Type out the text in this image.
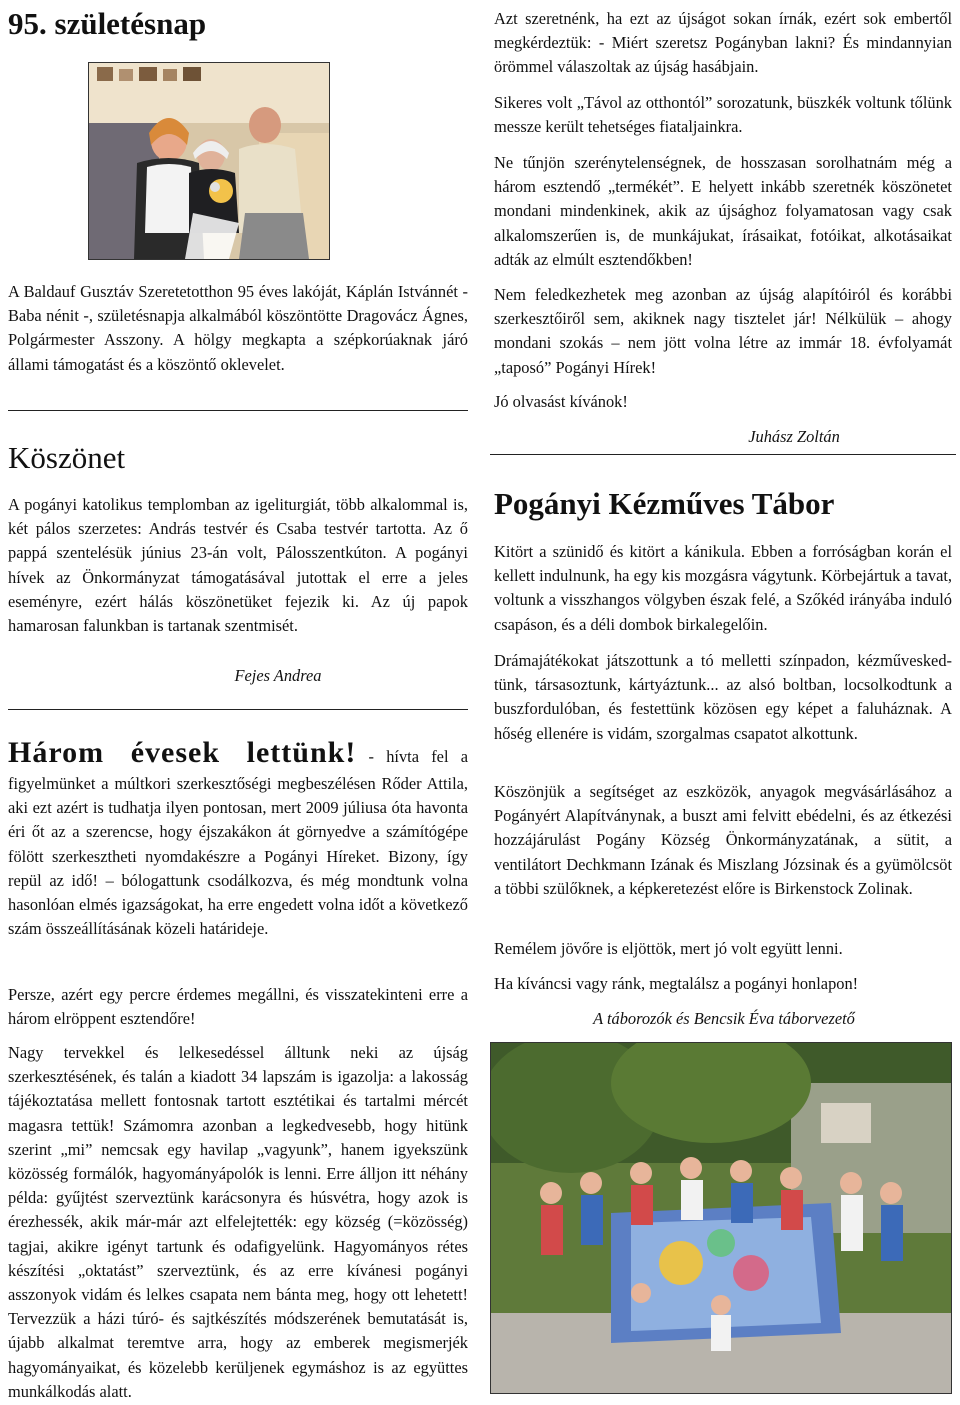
95. születésnap

A Baldauf Gusztáv Szeretetotthon 95 éves lakóját, Káplán Istvánnét - Baba nénit -, születésnapja alkalmából köszöntötte Dragovácz Ágnes, Polgármester Asszony. A hölgy megkapta a szépkorúaknak járó állami támogatást és a köszöntő oklevelet.

Köszönet

A pogányi katolikus templomban az igeliturgiát, több alkalommal is, két pálos szerzetes: András testvér és Csaba testvér tartotta. Az ő pappá szentelésük június 23-án volt, Pálosszentkúton. A pogányi hívek az Önkormányzat támogatásával jutottak el erre a jeles eseményre, ezért hálás köszönetüket fejezik ki. Az új papok hamarosan falunkban is tartanak szentmisét.

Fejes Andrea

Három évesek lettünk! - hívta fel a figyelmünket a múltkori szerkesztőségi megbeszélésen Rőder Attila, aki ezt azért is tudhatja ilyen pontosan, mert 2009 júliusa óta havonta éri őt az a szerencse, hogy éjszakákon át görnyedve a számítógépe fölött szerkesztheti nyomdakészre a Pogányi Híreket. Bizony, így repül az idő! – bólogattunk csodálkozva, és még mondtunk volna hasonlóan elmés igazságokat, ha erre engedett volna időt a következő szám összeállításának közeli határideje.

Persze, azért egy percre érdemes megállni, és visszatekinteni erre a három elröppent esztendőre!

Nagy tervekkel és lelkesedéssel álltunk neki az újság szerkesztésének, és talán a kiadott 34 lapszám is igazolja: a lakosság tájékoztatása mellett fontosnak tartott esztétikai és tartalmi mércét magasra tettük! Számomra azonban a legkedvesebb, hogy hitünk szerint „mi” nemcsak egy havilap „vagyunk”, hanem igyekszünk közösség formálók, hagyományápolók is lenni. Erre álljon itt néhány példa: gyűjtést szerveztünk karácsonyra és húsvétra, hogy azok is érezhessék, akik már-már azt elfelejtették: egy község (=közösség) tagjai, akikre igényt tartunk és odafigyelünk. Hagyományos rétes készítési „oktatást” szerveztünk, és az erre kívánesi pogányi asszonyok vidám és lelkes csapata nem bánta meg, hogy ott lehetett! Tervezzük a házi túró- és sajtkészítés módszerének bemutatását is, újabb alkalmat teremtve arra, hogy az emberek megismerjék hagyományaikat, és közelebb kerüljenek egymáshoz is az együttes munkálkodás alatt.

Azt szeretnénk, ha ezt az újságot sokan írnák, ezért sok embertől megkérdeztük: - Miért szeretsz Pogányban lakni? És mindannyian örömmel válaszoltak az újság hasábjain.

Sikeres volt „Távol az otthontól” sorozatunk, büszkék voltunk tőlünk messze került tehetséges fiataljainkra.

Ne tűnjön szerénytelenségnek, de hosszasan sorolhatnám még a három esztendő „termékét”. E helyett inkább szeretnék köszönetet mondani mindenkinek, akik az újsághoz folyamatosan vagy csak alkalomszerűen is, de munkájukat, írásaikat, fotóikat, alkotásaikat adták az elmúlt esztendőkben!

Nem feledkezhetek meg azonban az újság alapítóiról és korábbi szerkesztőiről sem, akiknek nagy tisztelet jár! Nélkülük – ahogy mondani szokás – nem jött volna létre az immár 18. évfolyamát „taposó” Pogányi Hírek!

Jó olvasást kívánok!

Juhász Zoltán

Pogányi Kézműves Tábor

Kitört a szünidő és kitört a kánikula. Ebben a forróságban korán el kellett indulnunk, ha egy kis mozgásra vágytunk. Körbejártuk a tavat, voltunk a visszhangos völgyben észak felé, a Szőkéd irányába induló csapáson, és a déli dombok birkalegelőin.

Drámajátékokat játszottunk a tó melletti színpadon, kézműveskedtünk, társasoztunk, kártyáztunk... az alsó boltban, locsolkodtunk a buszfordulóban, és festettünk közösen egy képet a faluháznak. A hőség ellenére is vidám, szorgalmas csapatot alkottunk.

Köszönjük a segítséget az eszközök, anyagok megvásárlásához a Pogányért Alapítványnak, a buszt ami felvitt ebédelni, és az étkezési hozzájárulást Pogány Község Önkormányzatának, a sütit, a ventilátort Dechkmann Izának és Miszlang Józsinak és a gyümölcsöt a többi szülőknek, a képkeretezést előre is Birkenstock Zolinak.

Remélem jövőre is eljöttök, mert jó volt együtt lenni.

Ha kíváncsi vagy ránk, megtalálsz a pogányi honlapon!

A táborozók és Bencsik Éva táborvezető
